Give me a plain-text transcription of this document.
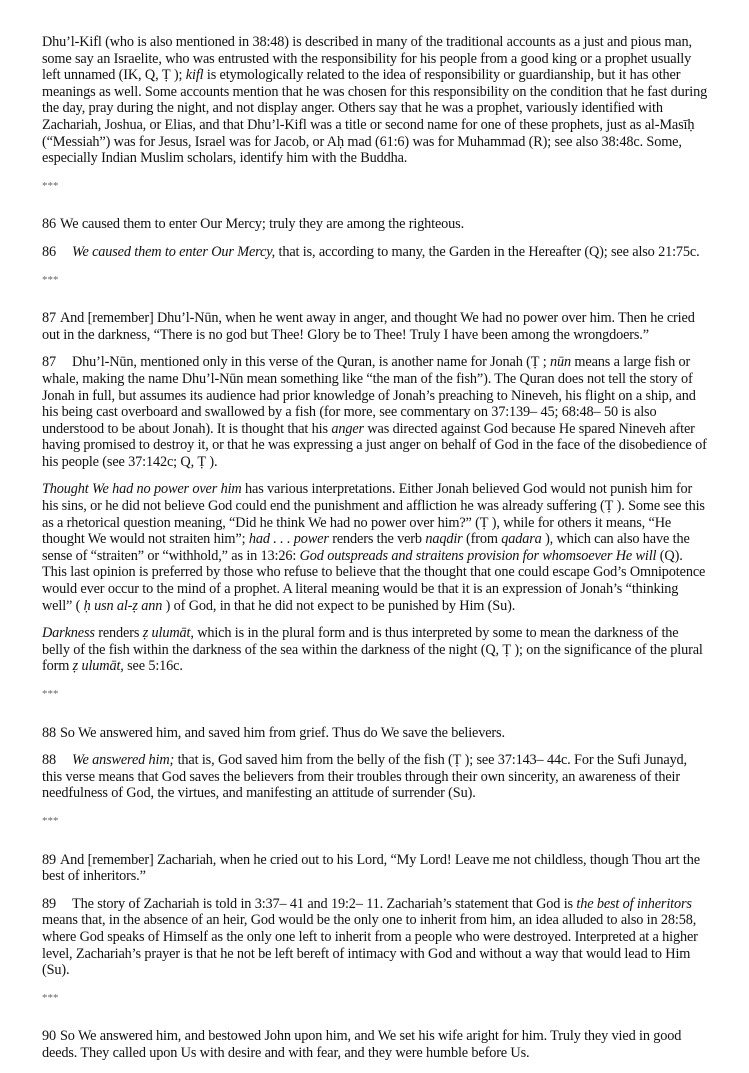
Dhu’l-Kifl (who is also mentioned in 38:48) is described in many of the traditional accounts as a just and pious man, some say an Israelite, who was entrusted with the responsibility for his people from a good king or a prophet usually left unnamed (IK, Q, Ṭ ); kifl is etymologically related to the idea of responsibility or guardianship, but it has other meanings as well. Some accounts mention that he was chosen for this responsibility on the condition that he fast during the day, pray during the night, and not display anger. Others say that he was a prophet, variously identified with Zachariah, Joshua, or Elias, and that Dhu’l-Kifl was a title or second name for one of these prophets, just as al-Masīḥ (“Messiah”) was for Jesus, Israel was for Jacob, or Aḥ mad (61:6) was for Muhammad (R); see also 38:48c. Some, especially Indian Muslim scholars, identify him with the Buddha.

***

86 We caused them to enter Our Mercy; truly they are among the righteous.

86 We caused them to enter Our Mercy, that is, according to many, the Garden in the Hereafter (Q); see also 21:75c.

***

87 And [remember] Dhu’l-Nūn, when he went away in anger, and thought We had no power over him. Then he cried out in the darkness, “There is no god but Thee! Glory be to Thee! Truly I have been among the wrongdoers.”

87 Dhu’l-Nūn, mentioned only in this verse of the Quran, is another name for Jonah (Ṭ ; nūn means a large fish or whale, making the name Dhu’l-Nūn mean something like “the man of the fish”). The Quran does not tell the story of Jonah in full, but assumes its audience had prior knowledge of Jonah’s preaching to Nineveh, his flight on a ship, and his being cast overboard and swallowed by a fish (for more, see commentary on 37:139– 45; 68:48– 50 is also understood to be about Jonah). It is thought that his anger was directed against God because He spared Nineveh after having promised to destroy it, or that he was expressing a just anger on behalf of God in the face of the disobedience of his people (see 37:142c; Q, Ṭ ).

Thought We had no power over him has various interpretations. Either Jonah believed God would not punish him for his sins, or he did not believe God could end the punishment and affliction he was already suffering (Ṭ ). Some see this as a rhetorical question meaning, “Did he think We had no power over him?” (Ṭ ), while for others it means, “He thought We would not straiten him”; had . . . power renders the verb naqdir (from qadara ), which can also have the sense of “straiten” or “withhold,” as in 13:26: God outspreads and straitens provision for whomsoever He will (Q). This last opinion is preferred by those who refuse to believe that the thought that one could escape God’s Omnipotence would ever occur to the mind of a prophet. A literal meaning would be that it is an expression of Jonah’s “thinking well” ( ḥ usn al-ẓ ann ) of God, in that he did not expect to be punished by Him (Su).

Darkness renders ẓ ulumāt, which is in the plural form and is thus interpreted by some to mean the darkness of the belly of the fish within the darkness of the sea within the darkness of the night (Q, Ṭ ); on the significance of the plural form ẓ ulumāt, see 5:16c.

***

88 So We answered him, and saved him from grief. Thus do We save the believers.

88 We answered him; that is, God saved him from the belly of the fish (Ṭ ); see 37:143– 44c. For the Sufi Junayd, this verse means that God saves the believers from their troubles through their own sincerity, an awareness of their needfulness of God, the virtues, and manifesting an attitude of surrender (Su).

***

89 And [remember] Zachariah, when he cried out to his Lord, “My Lord! Leave me not childless, though Thou art the best of inheritors.”

89 The story of Zachariah is told in 3:37– 41 and 19:2– 11. Zachariah’s statement that God is the best of inheritors means that, in the absence of an heir, God would be the only one to inherit from him, an idea alluded to also in 28:58, where God speaks of Himself as the only one left to inherit from a people who were destroyed. Interpreted at a higher level, Zachariah’s prayer is that he not be left bereft of intimacy with God and without a way that would lead to Him (Su).

***

90 So We answered him, and bestowed John upon him, and We set his wife aright for him. Truly they vied in good deeds. They called upon Us with desire and with fear, and they were humble before Us.
